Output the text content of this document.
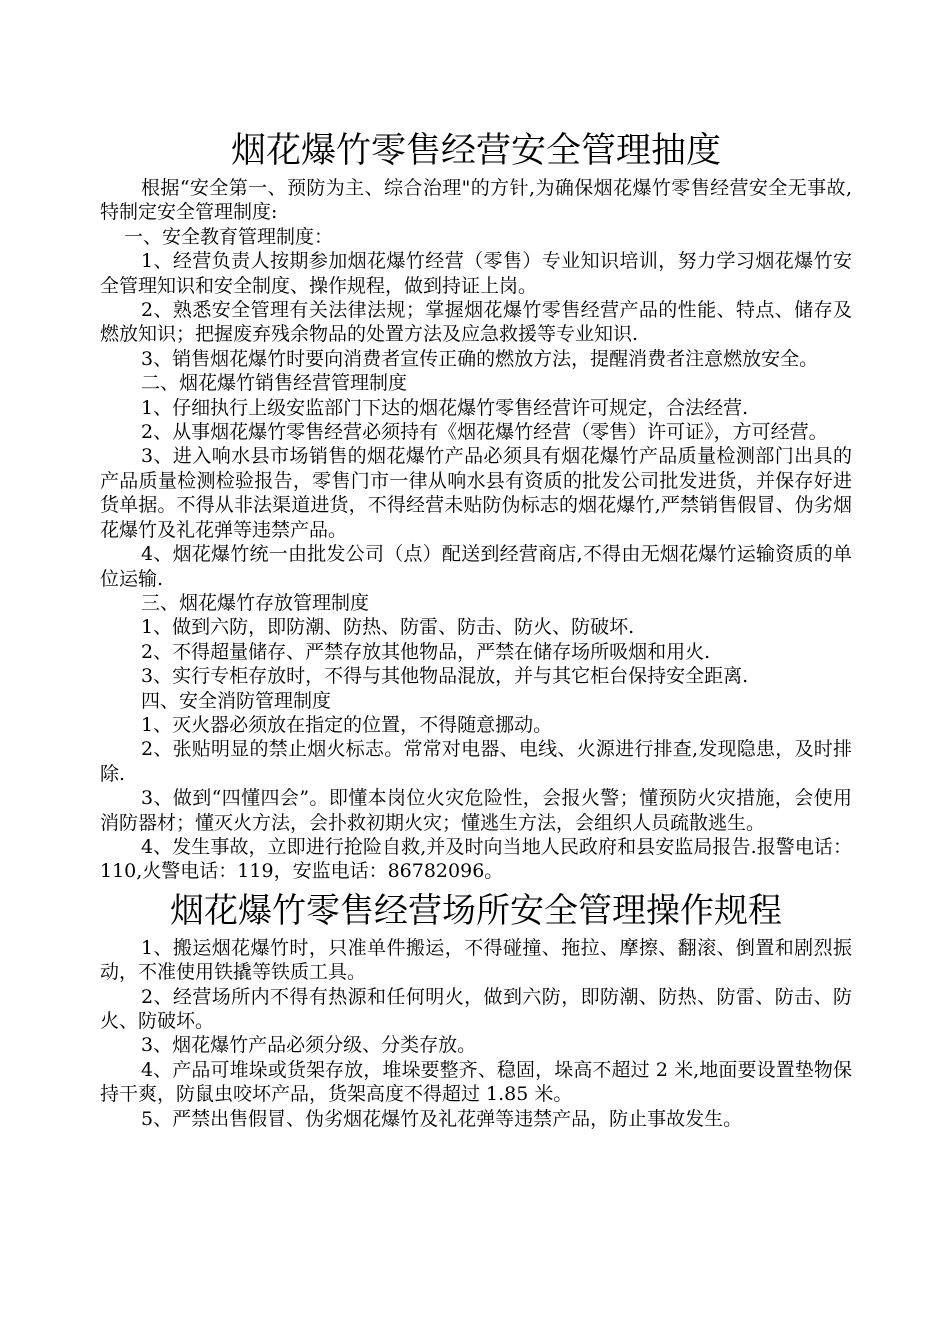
烟花爆竹零售经营安全管理抽度

根据“安全第一、预防为主、综合治理"的方针,为确保烟花爆竹零售经营安全无事故,特制定安全管理制度:

一、安全教育管理制度：

1、经营负责人按期参加烟花爆竹经营（零售）专业知识培训，努力学习烟花爆竹安全管理知识和安全制度、操作规程，做到持证上岗。

2、熟悉安全管理有关法律法规；掌握烟花爆竹零售经营产品的性能、特点、储存及燃放知识；把握废弃残余物品的处置方法及应急救援等专业知识.

3、销售烟花爆竹时要向消费者宣传正确的燃放方法，提醒消费者注意燃放安全。

二、烟花爆竹销售经营管理制度

1、仔细执行上级安监部门下达的烟花爆竹零售经营许可规定，合法经营.

2、从事烟花爆竹零售经营必须持有《烟花爆竹经营（零售）许可证》，方可经营。

3、进入响水县市场销售的烟花爆竹产品必须具有烟花爆竹产品质量检测部门出具的产品质量检测检验报告，零售门市一律从响水县有资质的批发公司批发进货，并保存好进货单据。不得从非法渠道进货，不得经营未贴防伪标志的烟花爆竹,严禁销售假冒、伪劣烟花爆竹及礼花弹等违禁产品。

4、烟花爆竹统一由批发公司（点）配送到经营商店,不得由无烟花爆竹运输资质的单位运输.

三、烟花爆竹存放管理制度

1、做到六防，即防潮、防热、防雷、防击、防火、防破坏.

2、不得超量储存、严禁存放其他物品，严禁在储存场所吸烟和用火.

3、实行专柜存放时，不得与其他物品混放，并与其它柜台保持安全距离.

四、安全消防管理制度

1、灭火器必须放在指定的位置，不得随意挪动。

2、张贴明显的禁止烟火标志。常常对电器、电线、火源进行排查,发现隐患，及时排除.

3、做到“四懂四会”。即懂本岗位火灾危险性，会报火警；懂预防火灾措施，会使用消防器材；懂灭火方法，会扑救初期火灾；懂逃生方法，会组织人员疏散逃生。

4、发生事故，立即进行抢险自救,并及时向当地人民政府和县安监局报告.报警电话：110,火警电话：119，安监电话：86782096。

烟花爆竹零售经营场所安全管理操作规程

1、搬运烟花爆竹时，只准单件搬运，不得碰撞、拖拉、摩擦、翻滚、倒置和剧烈振动，不准使用铁撬等铁质工具。

2、经营场所内不得有热源和任何明火，做到六防，即防潮、防热、防雷、防击、防火、防破坏。

3、烟花爆竹产品必须分级、分类存放。

4、产品可堆垛或货架存放，堆垛要整齐、稳固，垛高不超过 2 米,地面要设置垫物保持干爽，防鼠虫咬坏产品，货架高度不得超过 1.85 米。

5、严禁出售假冒、伪劣烟花爆竹及礼花弹等违禁产品，防止事故发生。
